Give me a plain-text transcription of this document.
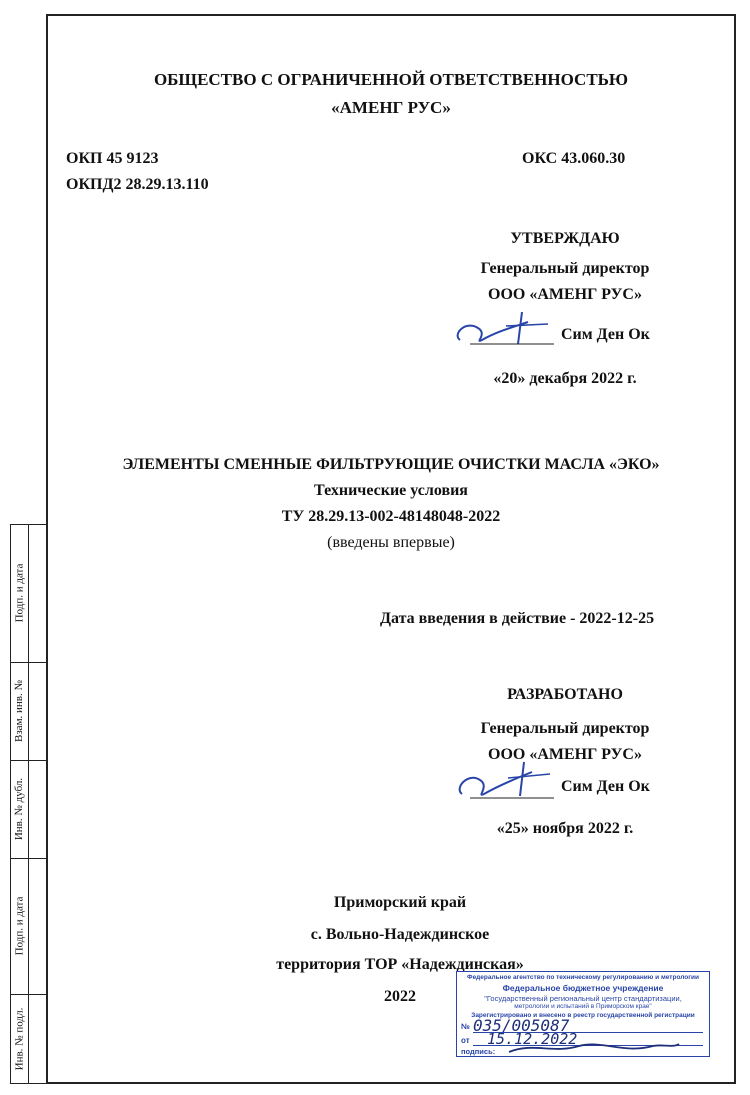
Подп. и дата
Взам. инв. №
Инв. № дубл.
Подп. и дата
Инв. № подл.
ОБЩЕСТВО С ОГРАНИЧЕННОЙ ОТВЕТСТВЕННОСТЬЮ
«АМЕНГ РУС»
ОКП 45 9123
ОКПД2 28.29.13.110
ОКС 43.060.30
УТВЕРЖДАЮ
Генеральный директор
ООО «АМЕНГ РУС»
Сим Ден Ок
«20» декабря 2022 г.
ЭЛЕМЕНТЫ СМЕННЫЕ ФИЛЬТРУЮЩИЕ ОЧИСТКИ МАСЛА «ЭКО»
Технические условия
ТУ 28.29.13-002-48148048-2022
(введены впервые)
Дата введения в действие - 2022-12-25
РАЗРАБОТАНО
Генеральный директор
ООО «АМЕНГ РУС»
Сим Ден Ок
«25» ноября 2022 г.
Приморский край
с. Вольно-Надеждинское
территория ТОР «Надеждинская»
2022
Федеральное агентство по техническому регулированию и метрологии
Федеральное бюджетное учреждение
"Государственный региональный центр стандартизации,
метрологии и испытаний в Приморском крае"
Зарегистрировано и внесено в реестр государственной регистрации
№ 035/005087
от 15.12.2022
подпись:
